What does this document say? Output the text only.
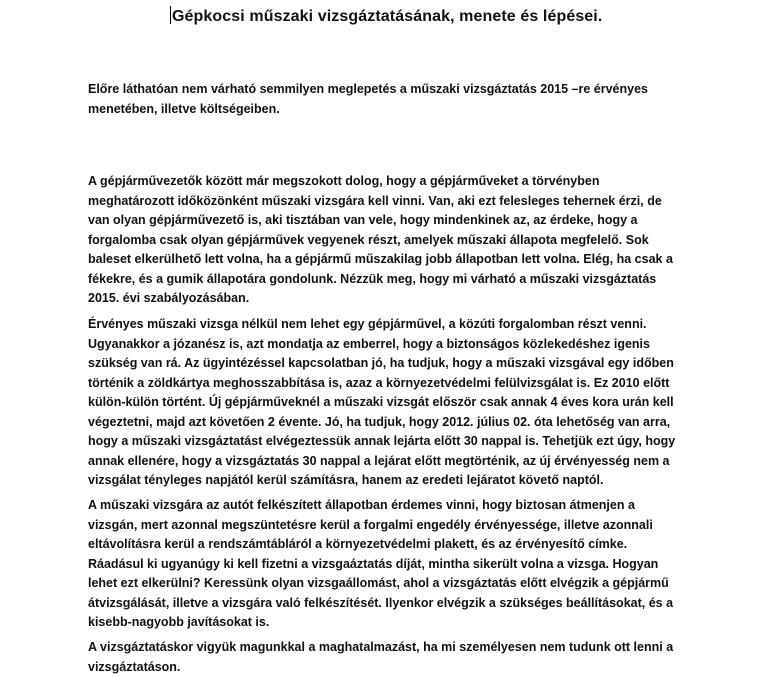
Gépkocsi műszaki vizsgáztatásának, menete és lépései.

Előre láthatóan nem várható semmilyen meglepetés a műszaki vizsgáztatás 2015 –re érvényes
menetében, illetve költségeiben.

A gépjárművezetők között már megszokott dolog, hogy a gépjárműveket a törvényben
meghatározott időközönként műszaki vizsgára kell vinni. Van, aki ezt felesleges tehernek érzi, de
van olyan gépjárművezető is, aki tisztában van vele, hogy mindenkinek az, az érdeke, hogy a
forgalomba csak olyan gépjárművek vegyenek részt, amelyek műszaki állapota megfelelő. Sok
baleset elkerülhető lett volna, ha a gépjármű műszakilag jobb állapotban lett volna. Elég, ha csak a
fékekre, és a gumik állapotára gondolunk. Nézzük meg, hogy mi várható a műszaki vizsgáztatás
2015. évi szabályozásában.

Érvényes műszaki vizsga nélkül nem lehet egy gépjárművel, a közúti forgalomban részt venni.
Ugyanakkor a józanész is, azt mondatja az emberrel, hogy a biztonságos közlekedéshez igenis
szükség van rá. Az ügyintézéssel kapcsolatban jó, ha tudjuk, hogy a műszaki vizsgával egy időben
történik a zöldkártya meghosszabbítása is, azaz a környezetvédelmi felülvizsgálat is. Ez 2010 előtt
külön-külön történt. Új gépjárműveknél a műszaki vizsgát először csak annak 4 éves kora urán kell
végeztetni, majd azt követően 2 évente. Jó, ha tudjuk, hogy 2012. július 02. óta lehetőség van arra,
hogy a műszaki vizsgáztatást elvégeztessük annak lejárta előtt 30 nappal is. Tehetjük ezt úgy, hogy
annak ellenére, hogy a vizsgáztatás 30 nappal a lejárat előtt megtörténik, az új érvényesség nem a
vizsgálat tényleges napjától kerül számításra, hanem az eredeti lejáratot követő naptól.

A műszaki vizsgára az autót felkészített állapotban érdemes vinni, hogy biztosan átmenjen a
vizsgán, mert azonnal megszüntetésre kerül a forgalmi engedély érvényessége, illetve azonnali
eltávolításra kerül a rendszámtábláról a környezetvédelmi plakett, és az érvényesítő címke.
Ráadásul ki ugyanúgy ki kell fizetni a vizsgaáztatás díját, mintha sikerült volna a vizsga. Hogyan
lehet ezt elkerülni? Keressünk olyan vizsgaállomást, ahol a vizsgáztatás előtt elvégzik a gépjármű
átvizsgálását, illetve a vizsgára való felkészítését. Ilyenkor elvégzik a szükséges beállításokat, és a
kisebb-nagyobb javításokat is.

A vizsgáztatáskor vigyük magunkkal a maghatalmazást, ha mi személyesen nem tudunk ott lenni a
vizsgáztatáson.
